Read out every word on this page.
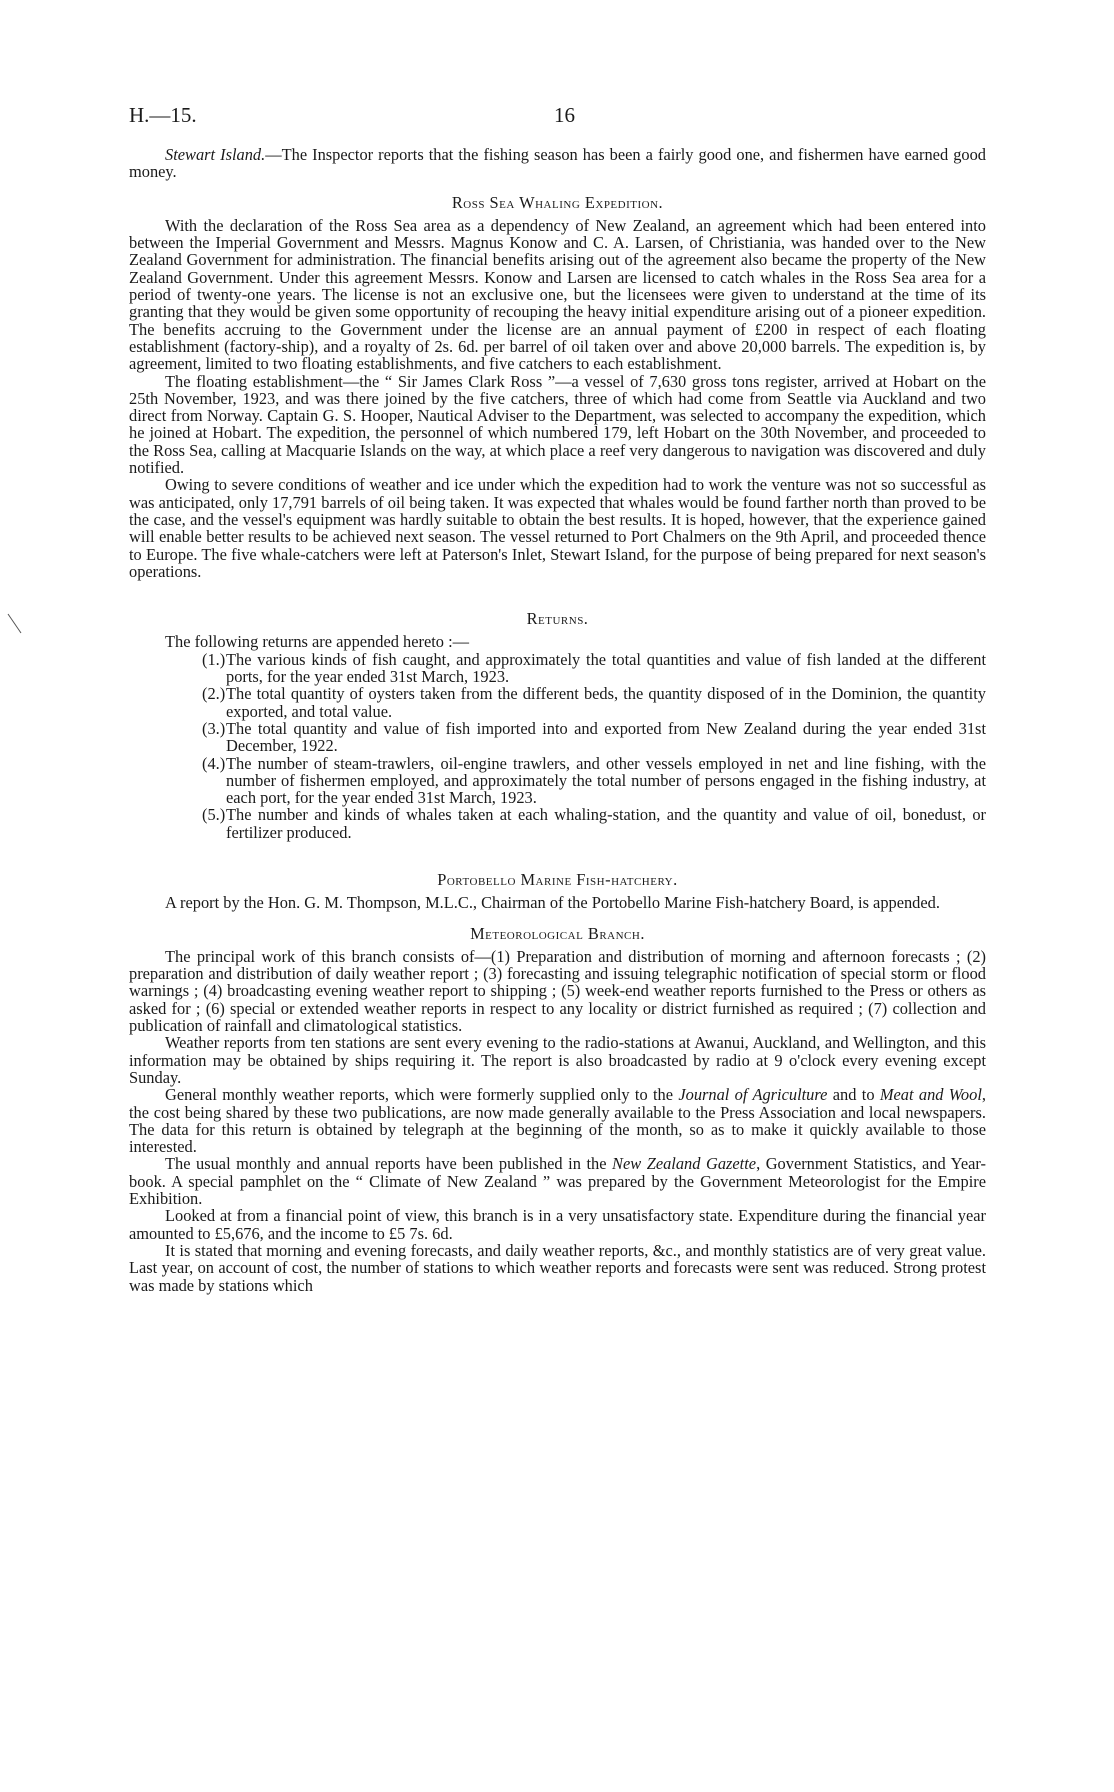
H.—15.	16

Stewart Island.—The Inspector reports that the fishing season has been a fairly good one, and fishermen have earned good money.

Ross Sea Whaling Expedition.

With the declaration of the Ross Sea area as a dependency of New Zealand, an agreement which had been entered into between the Imperial Government and Messrs. Magnus Konow and C. A. Larsen, of Christiania, was handed over to the New Zealand Government for administration. The financial benefits arising out of the agreement also became the property of the New Zealand Government. Under this agreement Messrs. Konow and Larsen are licensed to catch whales in the Ross Sea area for a period of twenty-one years. The license is not an exclusive one, but the licensees were given to understand at the time of its granting that they would be given some opportunity of recouping the heavy initial expenditure arising out of a pioneer expedition. The benefits accruing to the Government under the license are an annual payment of £200 in respect of each floating establishment (factory-ship), and a royalty of 2s. 6d. per barrel of oil taken over and above 20,000 barrels. The expedition is, by agreement, limited to two floating establishments, and five catchers to each establishment.

The floating establishment—the “ Sir James Clark Ross ”—a vessel of 7,630 gross tons register, arrived at Hobart on the 25th November, 1923, and was there joined by the five catchers, three of which had come from Seattle via Auckland and two direct from Norway. Captain G. S. Hooper, Nautical Adviser to the Department, was selected to accompany the expedition, which he joined at Hobart. The expedition, the personnel of which numbered 179, left Hobart on the 30th November, and proceeded to the Ross Sea, calling at Macquarie Islands on the way, at which place a reef very dangerous to navigation was discovered and duly notified.

Owing to severe conditions of weather and ice under which the expedition had to work the venture was not so successful as was anticipated, only 17,791 barrels of oil being taken. It was expected that whales would be found farther north than proved to be the case, and the vessel's equipment was hardly suitable to obtain the best results. It is hoped, however, that the experience gained will enable better results to be achieved next season. The vessel returned to Port Chalmers on the 9th April, and proceeded thence to Europe. The five whale-catchers were left at Paterson's Inlet, Stewart Island, for the purpose of being prepared for next season's operations.

Returns.

The following returns are appended hereto :—

(1.) The various kinds of fish caught, and approximately the total quantities and value of fish landed at the different ports, for the year ended 31st March, 1923.
(2.) The total quantity of oysters taken from the different beds, the quantity disposed of in the Dominion, the quantity exported, and total value.
(3.) The total quantity and value of fish imported into and exported from New Zealand during the year ended 31st December, 1922.
(4.) The number of steam-trawlers, oil-engine trawlers, and other vessels employed in net and line fishing, with the number of fishermen employed, and approximately the total number of persons engaged in the fishing industry, at each port, for the year ended 31st March, 1923.
(5.) The number and kinds of whales taken at each whaling-station, and the quantity and value of oil, bonedust, or fertilizer produced.
Portobello Marine Fish-hatchery.

A report by the Hon. G. M. Thompson, M.L.C., Chairman of the Portobello Marine Fish-hatchery Board, is appended.

Meteorological Branch.

The principal work of this branch consists of—(1) Preparation and distribution of morning and afternoon forecasts ; (2) preparation and distribution of daily weather report ; (3) forecasting and issuing telegraphic notification of special storm or flood warnings ; (4) broadcasting evening weather report to shipping ; (5) week-end weather reports furnished to the Press or others as asked for ; (6) special or extended weather reports in respect to any locality or district furnished as required ; (7) collection and publication of rainfall and climatological statistics.

Weather reports from ten stations are sent every evening to the radio-stations at Awanui, Auckland, and Wellington, and this information may be obtained by ships requiring it. The report is also broadcasted by radio at 9 o'clock every evening except Sunday.

General monthly weather reports, which were formerly supplied only to the Journal of Agriculture and to Meat and Wool, the cost being shared by these two publications, are now made generally available to the Press Association and local newspapers. The data for this return is obtained by telegraph at the beginning of the month, so as to make it quickly available to those interested.

The usual monthly and annual reports have been published in the New Zealand Gazette, Government Statistics, and Year-book. A special pamphlet on the “ Climate of New Zealand ” was prepared by the Government Meteorologist for the Empire Exhibition.

Looked at from a financial point of view, this branch is in a very unsatisfactory state. Expenditure during the financial year amounted to £5,676, and the income to £5 7s. 6d.

It is stated that morning and evening forecasts, and daily weather reports, &c., and monthly statistics are of very great value. Last year, on account of cost, the number of stations to which weather reports and forecasts were sent was reduced. Strong protest was made by stations which
